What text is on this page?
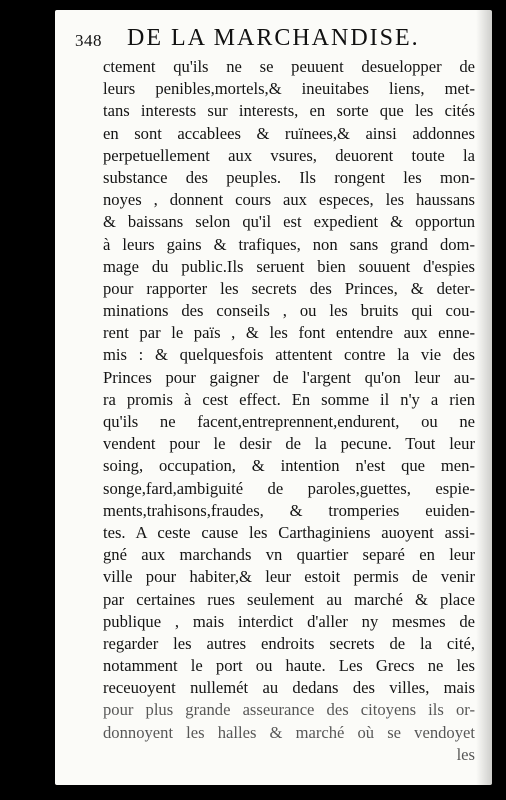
348 DE LA MARCHANDISE.
ctement qu'ils ne se peuuent desuelopper de
leurs penibles,mortels,& ineuitabes liens, met-
tans interests sur interests, en sorte que les cités
en sont accablees & ruïnees,& ainsi addonnes
perpetuellement aux vsures, deuorent toute la
substance des peuples. Ils rongent les mon-
noyes , donnent cours aux especes, les haussans
& baissans selon qu'il est expedient & opportun
à leurs gains & trafiques, non sans grand dom-
mage du public.Ils seruent bien souuent d'espies
pour rapporter les secrets des Princes, & deter-
minations des conseils , ou les bruits qui cou-
rent par le païs , & les font entendre aux enne-
mis : & quelquesfois attentent contre la vie des
Princes pour gaigner de l'argent qu'on leur au-
ra promis à cest effect. En somme il n'y a rien
qu'ils ne facent,entreprennent,endurent, ou ne
vendent pour le desir de la pecune. Tout leur
soing, occupation, & intention n'est que men-
songe,fard,ambiguité de paroles,guettes, espie-
ments,trahisons,fraudes, & tromperies euiden-
tes. A ceste cause les Carthaginiens auoyent assi-
gné aux marchands vn quartier separé en leur
ville pour habiter,& leur estoit permis de venir
par certaines rues seulement au marché & place
publique , mais interdict d'aller ny mesmes de
regarder les autres endroits secrets de la cité,
notamment le port ou haute. Les Grecs ne les
receuoyent nullemét au dedans des villes, mais
pour plus grande asseurance des citoyens ils or-
donnoyent les halles & marché où se vendoyet
les
